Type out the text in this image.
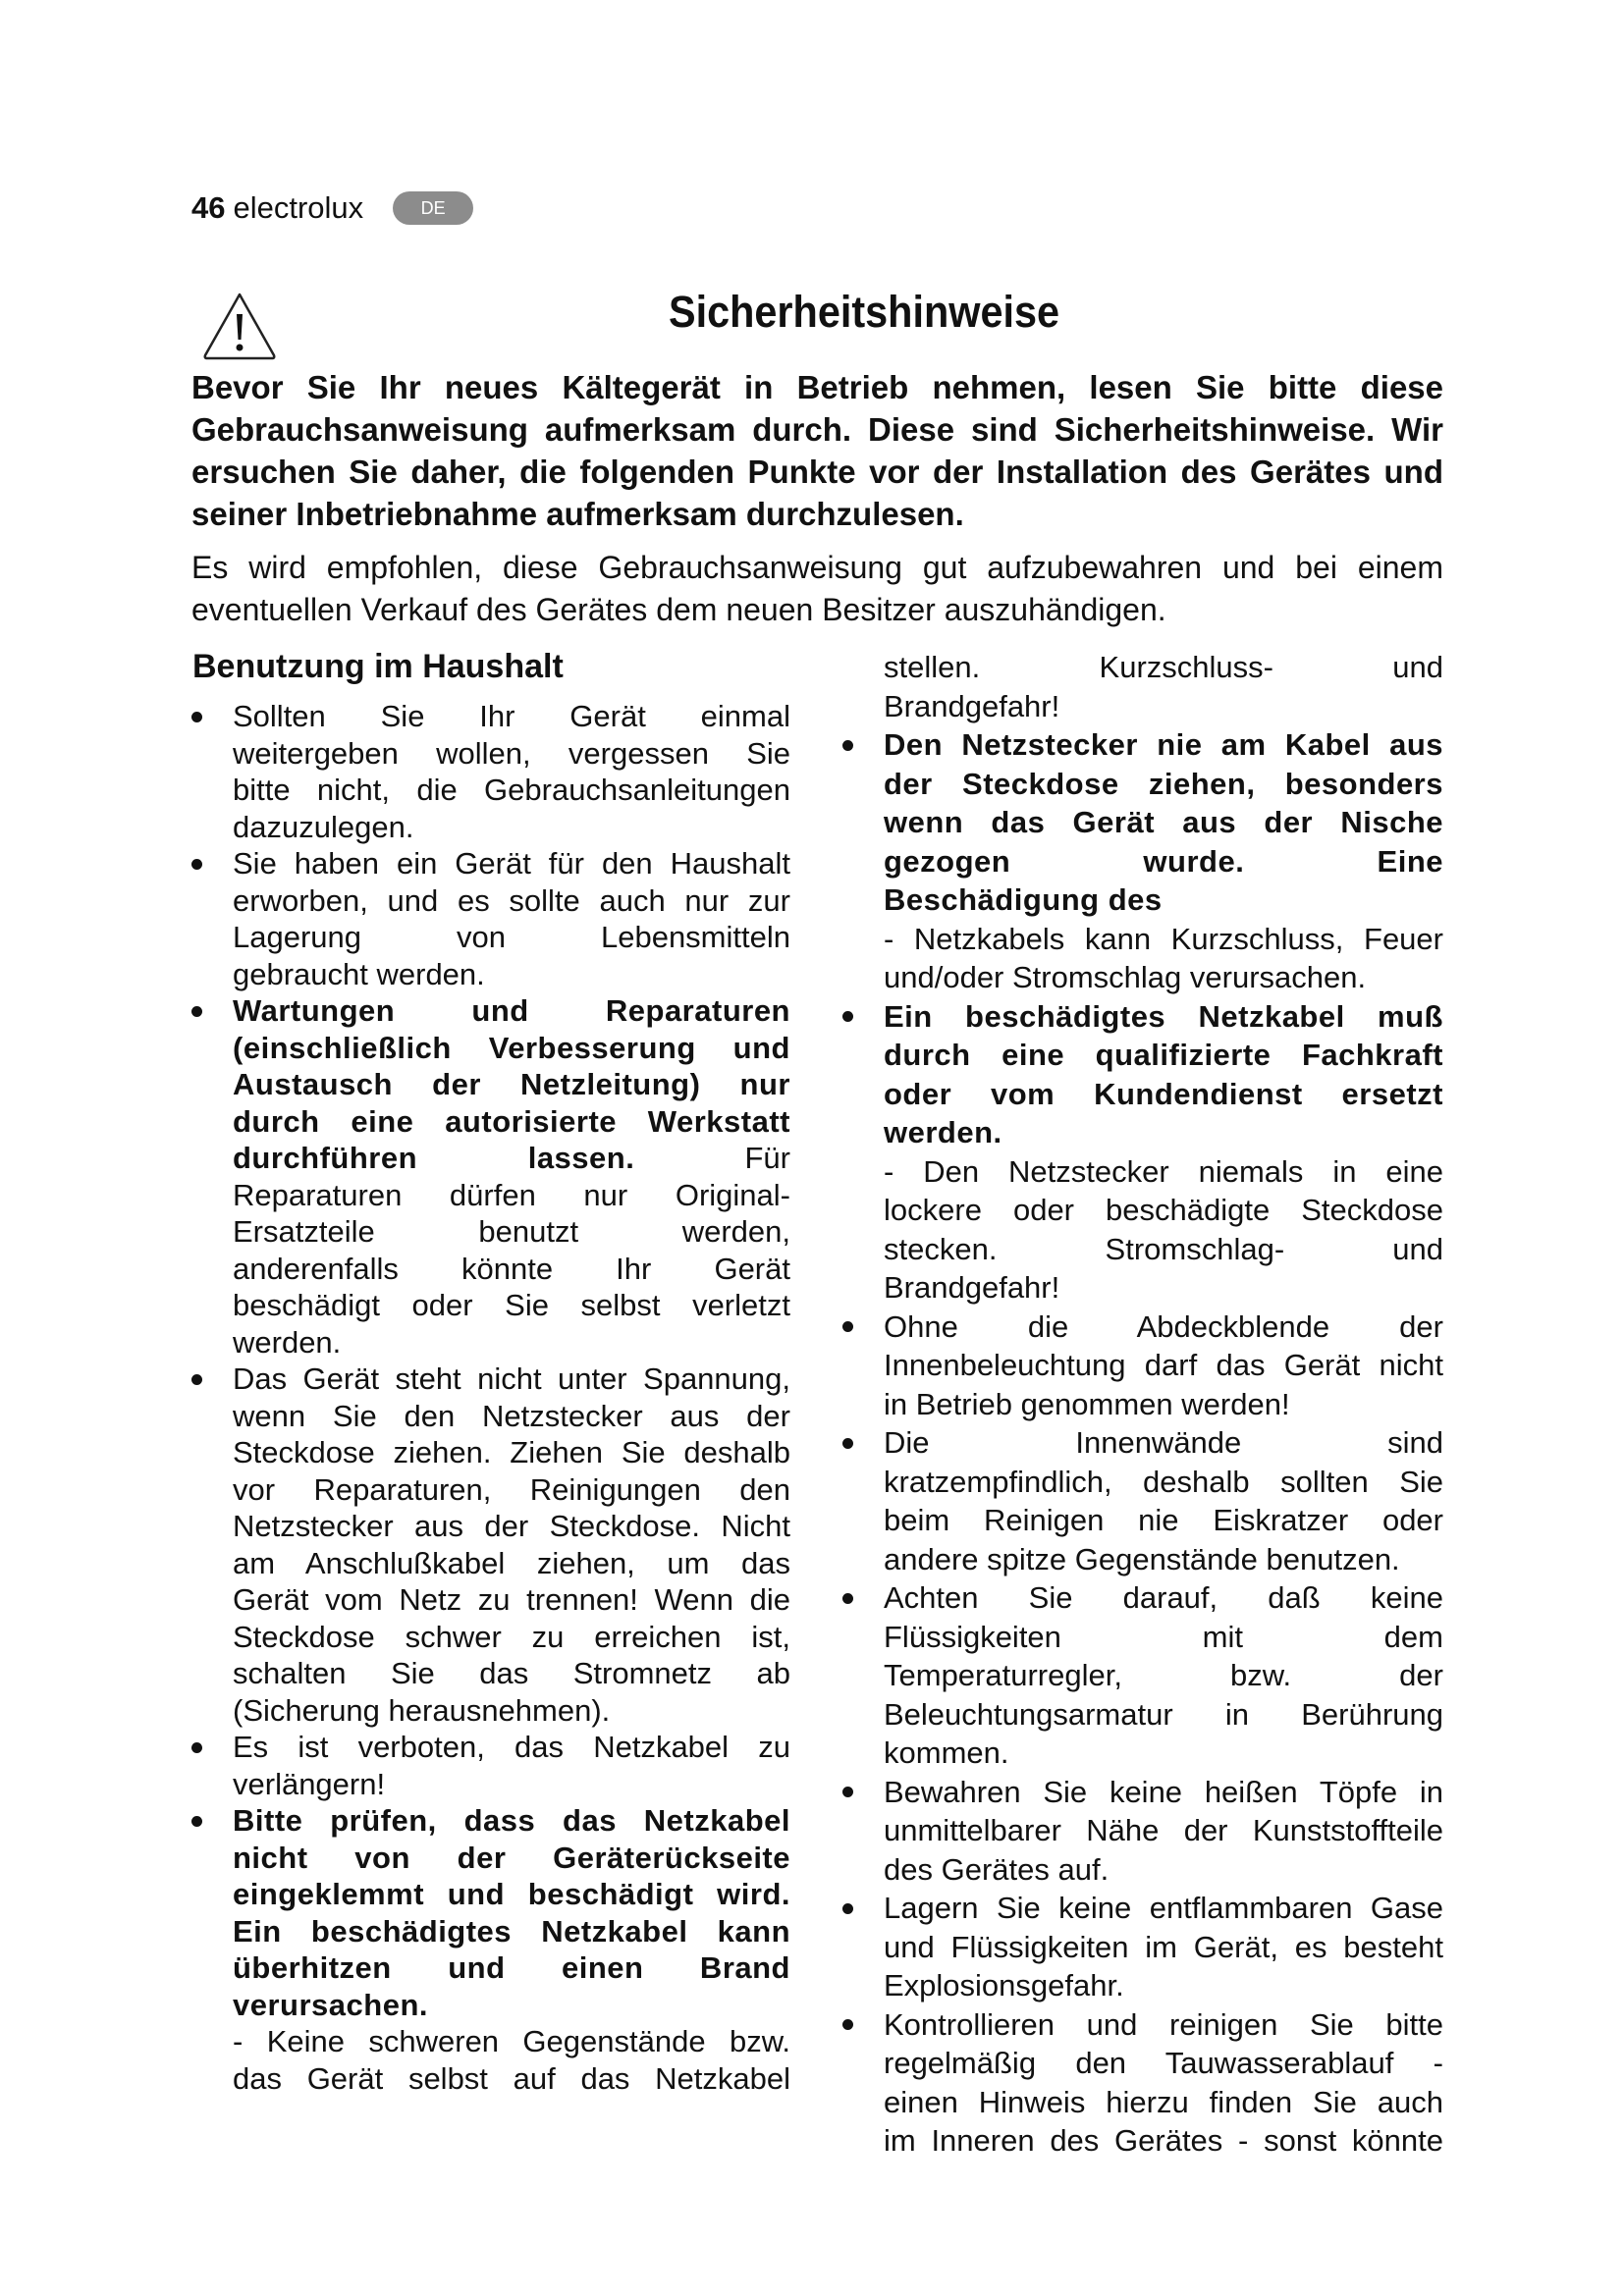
46 electrolux	DE
Sicherheitshinweise
Bevor Sie Ihr neues Kältegerät in Betrieb nehmen, lesen Sie bitte diese
Gebrauchsanweisung aufmerksam durch. Diese sind Sicherheitshinweise. Wir
ersuchen Sie daher, die folgenden Punkte vor der Installation des Gerätes und
seiner Inbetriebnahme aufmerksam durchzulesen.
Es wird empfohlen, diese Gebrauchsanweisung gut aufzubewahren und bei einem
eventuellen Verkauf des Gerätes dem neuen Besitzer auszuhändigen.
Benutzung im Haushalt
Sollten Sie Ihr Gerät einmal
weitergeben wollen, vergessen Sie
bitte nicht, die Gebrauchsanleitungen
dazuzulegen.
Sie haben ein Gerät für den Haushalt
erworben, und es sollte auch nur zur
Lagerung von Lebensmitteln
gebraucht werden.
Wartungen und Reparaturen
(einschließlich Verbesserung und
Austausch der Netzleitung) nur
durch eine autorisierte Werkstatt
durchführen lassen.	Für
Reparaturen dürfen nur Original-
Ersatzteile benutzt werden,
anderenfalls könnte Ihr Gerät
beschädigt oder Sie selbst verletzt
werden.
Das Gerät steht nicht unter Spannung,
wenn Sie den Netzstecker aus der
Steckdose ziehen. Ziehen Sie deshalb
vor Reparaturen, Reinigungen den
Netzstecker aus der Steckdose. Nicht
am Anschlußkabel ziehen, um das
Gerät vom Netz zu trennen! Wenn die
Steckdose schwer zu erreichen ist,
schalten Sie das Stromnetz ab
(Sicherung herausnehmen).
Es ist verboten, das Netzkabel zu
verlängern!
Bitte prüfen, dass das Netzkabel
nicht von der Geräterückseite
eingeklemmt und beschädigt wird.
Ein beschädigtes Netzkabel kann
überhitzen und einen Brand
verursachen.
- Keine schweren Gegenstände bzw.
das Gerät selbst auf das Netzkabel
stellen. Kurzschluss- und
Brandgefahr!
Den Netzstecker nie am Kabel aus
der Steckdose ziehen, besonders
wenn das Gerät aus der Nische
gezogen wurde. Eine
Beschädigung des
- Netzkabels kann Kurzschluss, Feuer
und/oder Stromschlag verursachen.
Ein beschädigtes Netzkabel muß
durch eine qualifizierte Fachkraft
oder vom Kundendienst ersetzt
werden.
- Den Netzstecker niemals in eine
lockere oder beschädigte Steckdose
stecken. Stromschlag- und
Brandgefahr!
Ohne die Abdeckblende der
Innenbeleuchtung darf das Gerät nicht
in Betrieb genommen werden!
Die Innenwände sind
kratzempfindlich, deshalb sollten Sie
beim Reinigen nie Eiskratzer oder
andere spitze Gegenstände benutzen.
Achten Sie darauf, daß keine
Flüssigkeiten mit dem
Temperaturregler, bzw. der
Beleuchtungsarmatur in Berührung
kommen.
Bewahren Sie keine heißen Töpfe in
unmittelbarer Nähe der Kunststoffteile
des Gerätes auf.
Lagern Sie keine entflammbaren Gase
und Flüssigkeiten im Gerät, es besteht
Explosionsgefahr.
Kontrollieren und reinigen Sie bitte
regelmäßig den Tauwasserablauf -
einen Hinweis hierzu finden Sie auch
im Inneren des Gerätes - sonst könnte
